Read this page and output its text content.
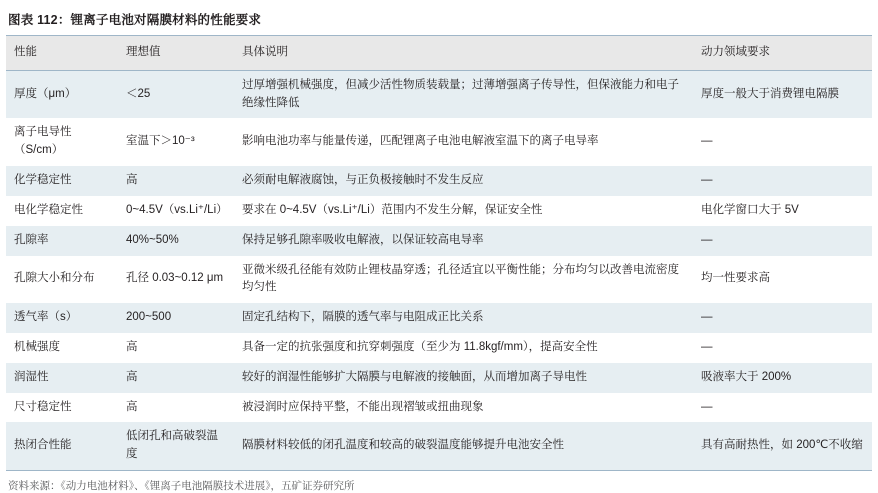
图表 112：锂离子电池对隔膜材料的性能要求
性能	理想值	具体说明	动力领域要求
厚度（μm）	＜25	过厚增强机械强度，但减少活性物质装载量；过薄增强离子传导性，但保液能力和电子绝缘性降低	厚度一般大于消费锂电隔膜
离子电导性（S/cm）	室温下＞10⁻³	影响电池功率与能量传递，匹配锂离子电池电解液室温下的离子电导率	—
化学稳定性	高	必须耐电解液腐蚀，与正负极接触时不发生反应	—
电化学稳定性	0~4.5V（vs.Li⁺/Li）	要求在 0~4.5V（vs.Li⁺/Li）范围内不发生分解，保证安全性	电化学窗口大于 5V
孔隙率	40%~50%	保持足够孔隙率吸收电解液，以保证较高电导率	—
孔隙大小和分布	孔径 0.03~0.12 μm	亚微米级孔径能有效防止锂枝晶穿透；孔径适宜以平衡性能；分布均匀以改善电流密度均匀性	均一性要求高
透气率（s）	200~500	固定孔结构下，隔膜的透气率与电阻成正比关系	—
机械强度	高	具备一定的抗张强度和抗穿刺强度（至少为 11.8kgf/mm），提高安全性	—
润湿性	高	较好的润湿性能够扩大隔膜与电解液的接触面，从而增加离子导电性	吸液率大于 200%
尺寸稳定性	高	被浸润时应保持平整，不能出现褶皱或扭曲现象	—
热闭合性能	低闭孔和高破裂温度	隔膜材料较低的闭孔温度和较高的破裂温度能够提升电池安全性	具有高耐热性，如 200℃不收缩
资料来源：《动力电池材料》、《锂离子电池隔膜技术进展》，五矿证券研究所
